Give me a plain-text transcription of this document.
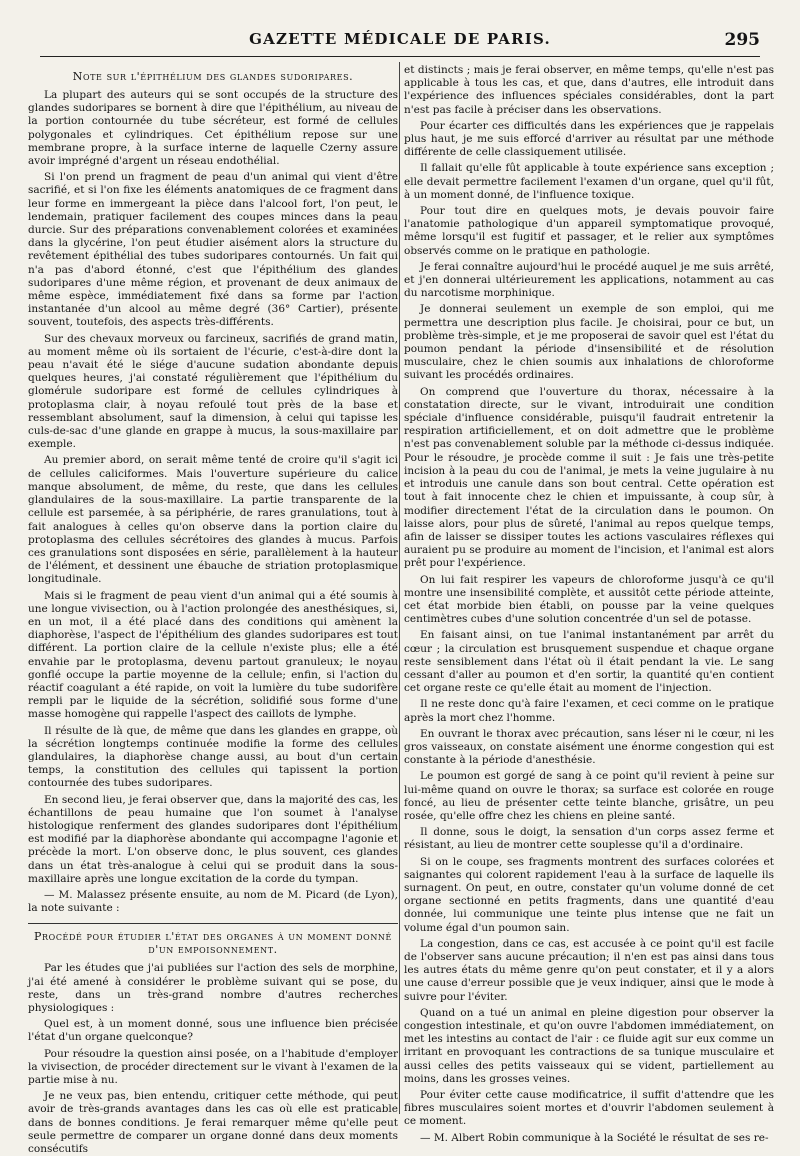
GAZETTE MÉDICALE DE PARIS.	295
Note sur l'épithélium des glandes sudoripares.

La plupart des auteurs qui se sont occupés de la structure des glandes sudoripares se bornent à dire que l'épithélium, au niveau de la portion contournée du tube sécréteur, est formé de cellules polygonales et cylindriques. Cet épithélium repose sur une membrane propre, à la surface interne de laquelle Czerny assure avoir imprégné d'argent un réseau endothélial.

Si l'on prend un fragment de peau d'un animal qui vient d'être sacrifié, et si l'on fixe les éléments anatomiques de ce fragment dans leur forme en immergeant la pièce dans l'alcool fort, l'on peut, le lendemain, pratiquer facilement des coupes minces dans la peau durcie. Sur des préparations convenablement colorées et examinées dans la glycérine, l'on peut étudier aisément alors la structure du revêtement épithélial des tubes sudoripares contournés. Un fait qui n'a pas d'abord étonné, c'est que l'épithélium des glandes sudoripares d'une même région, et provenant de deux animaux de même espèce, immédiatement fixé dans sa forme par l'action instantanée d'un alcool au même degré (36° Cartier), présente souvent, toutefois, des aspects très-différents.

Sur des chevaux morveux ou farcineux, sacrifiés de grand matin, au moment même où ils sortaient de l'écurie, c'est-à-dire dont la peau n'avait été le siége d'aucune sudation abondante depuis quelques heures, j'ai constaté régulièrement que l'épithélium du glomérule sudoripare est formé de cellules cylindriques à protoplasma clair, à noyau refoulé tout près de la base et ressemblant absolument, sauf la dimension, à celui qui tapisse les culs-de-sac d'une glande en grappe à mucus, la sous-maxillaire par exemple.

Au premier abord, on serait même tenté de croire qu'il s'agit ici de cellules caliciformes. Mais l'ouverture supérieure du calice manque absolument, de même, du reste, que dans les cellules glandulaires de la sous-maxillaire. La partie transparente de la cellule est parsemée, à sa périphérie, de rares granulations, tout à fait analogues à celles qu'on observe dans la portion claire du protoplasma des cellules sécrétoires des glandes à mucus. Parfois ces granulations sont disposées en série, parallèlement à la hauteur de l'élément, et dessinent une ébauche de striation protoplasmique longitudinale.

Mais si le fragment de peau vient d'un animal qui a été soumis à une longue vivisection, ou à l'action prolongée des anesthésiques, si, en un mot, il a été placé dans des conditions qui amènent la diaphorèse, l'aspect de l'épithélium des glandes sudoripares est tout différent. La portion claire de la cellule n'existe plus; elle a été envahie par le protoplasma, devenu partout granuleux; le noyau gonflé occupe la partie moyenne de la cellule; enfin, si l'action du réactif coagulant a été rapide, on voit la lumière du tube sudorifère rempli par le liquide de la sécrétion, solidifié sous forme d'une masse homogène qui rappelle l'aspect des caillots de lymphe.

Il résulte de là que, de même que dans les glandes en grappe, où la sécrétion longtemps continuée modifie la forme des cellules glandulaires, la diaphorèse change aussi, au bout d'un certain temps, la constitution des cellules qui tapissent la portion contournée des tubes sudoripares.

En second lieu, je ferai observer que, dans la majorité des cas, les échantillons de peau humaine que l'on soumet à l'analyse histologique renferment des glandes sudoripares dont l'épithélium est modifié par la diaphorèse abondante qui accompagne l'agonie et précède la mort. L'on observe donc, le plus souvent, ces glandes dans un état très-analogue à celui qui se produit dans la sous-maxillaire après une longue excitation de la corde du tympan.

— M. Malassez présente ensuite, au nom de M. Picard (de Lyon), la note suivante :

Procédé pour étudier l'état des organes à un moment donné d'un empoisonnement.

Par les études que j'ai publiées sur l'action des sels de morphine, j'ai été amené à considérer le problème suivant qui se pose, du reste, dans un très-grand nombre d'autres recherches physiologiques :

Quel est, à un moment donné, sous une influence bien précisée l'état d'un organe quelconque?

Pour résoudre la question ainsi posée, on a l'habitude d'employer la vivisection, de procéder directement sur le vivant à l'examen de la partie mise à nu.

Je ne veux pas, bien entendu, critiquer cette méthode, qui peut avoir de très-grands avantages dans les cas où elle est praticable dans de bonnes conditions. Je ferai remarquer même qu'elle peut seule permettre de comparer un organe donné dans deux moments consécutifs

et distincts ; mais je ferai observer, en même temps, qu'elle n'est pas applicable à tous les cas, et que, dans d'autres, elle introduit dans l'expérience des influences spéciales considérables, dont la part n'est pas facile à préciser dans les observations.

Pour écarter ces difficultés dans les expériences que je rappelais plus haut, je me suis efforcé d'arriver au résultat par une méthode différente de celle classiquement utilisée.

Il fallait qu'elle fût applicable à toute expérience sans exception ; elle devait permettre facilement l'examen d'un organe, quel qu'il fût, à un moment donné, de l'influence toxique.

Pour tout dire en quelques mots, je devais pouvoir faire l'anatomie pathologique d'un appareil symptomatique provoqué, même lorsqu'il est fugitif et passager, et le relier aux symptômes observés comme on le pratique en pathologie.

Je ferai connaître aujourd'hui le procédé auquel je me suis arrêté, et j'en donnerai ultérieurement les applications, notamment au cas du narcotisme morphinique.

Je donnerai seulement un exemple de son emploi, qui me permettra une description plus facile. Je choisirai, pour ce but, un problème très-simple, et je me proposerai de savoir quel est l'état du poumon pendant la période d'insensibilité et de résolution musculaire, chez le chien soumis aux inhalations de chloroforme suivant les procédés ordinaires.

On comprend que l'ouverture du thorax, nécessaire à la constatation directe, sur le vivant, introduirait une condition spéciale d'influence considérable, puisqu'il faudrait entretenir la respiration artificiellement, et on doit admettre que le problème n'est pas convenablement soluble par la méthode ci-dessus indiquée. Pour le résoudre, je procède comme il suit : Je fais une très-petite incision à la peau du cou de l'animal, je mets la veine jugulaire à nu et introduis une canule dans son bout central. Cette opération est tout à fait innocente chez le chien et impuissante, à coup sûr, à modifier directement l'état de la circulation dans le poumon. On laisse alors, pour plus de sûreté, l'animal au repos quelque temps, afin de laisser se dissiper toutes les actions vasculaires réflexes qui auraient pu se produire au moment de l'incision, et l'animal est alors prêt pour l'expérience.

On lui fait respirer les vapeurs de chloroforme jusqu'à ce qu'il montre une insensibilité complète, et aussitôt cette période atteinte, cet état morbide bien établi, on pousse par la veine quelques centimètres cubes d'une solution concentrée d'un sel de potasse.

En faisant ainsi, on tue l'animal instantanément par arrêt du cœur ; la circulation est brusquement suspendue et chaque organe reste sensiblement dans l'état où il était pendant la vie. Le sang cessant d'aller au poumon et d'en sortir, la quantité qu'en contient cet organe reste ce qu'elle était au moment de l'injection.

Il ne reste donc qu'à faire l'examen, et ceci comme on le pratique après la mort chez l'homme.

En ouvrant le thorax avec précaution, sans léser ni le cœur, ni les gros vaisseaux, on constate aisément une énorme congestion qui est constante à la période d'anesthésie.

Le poumon est gorgé de sang à ce point qu'il revient à peine sur lui-même quand on ouvre le thorax; sa surface est colorée en rouge foncé, au lieu de présenter cette teinte blanche, grisâtre, un peu rosée, qu'elle offre chez les chiens en pleine santé.

Il donne, sous le doigt, la sensation d'un corps assez ferme et résistant, au lieu de montrer cette souplesse qu'il a d'ordinaire.

Si on le coupe, ses fragments montrent des surfaces colorées et saignantes qui colorent rapidement l'eau à la surface de laquelle ils surnagent. On peut, en outre, constater qu'un volume donné de cet organe sectionné en petits fragments, dans une quantité d'eau donnée, lui communique une teinte plus intense que ne fait un volume égal d'un poumon sain.

La congestion, dans ce cas, est accusée à ce point qu'il est facile de l'observer sans aucune précaution; il n'en est pas ainsi dans tous les autres états du même genre qu'on peut constater, et il y a alors une cause d'erreur possible que je veux indiquer, ainsi que le mode à suivre pour l'éviter.

Quand on a tué un animal en pleine digestion pour observer la congestion intestinale, et qu'on ouvre l'abdomen immédiatement, on met les intestins au contact de l'air : ce fluide agit sur eux comme un irritant en provoquant les contractions de sa tunique musculaire et aussi celles des petits vaisseaux qui se vident, partiellement au moins, dans les grosses veines.

Pour éviter cette cause modificatrice, il suffit d'attendre que les fibres musculaires soient mortes et d'ouvrir l'abdomen seulement à ce moment.

— M. Albert Robin communique à la Société le résultat de ses re-
